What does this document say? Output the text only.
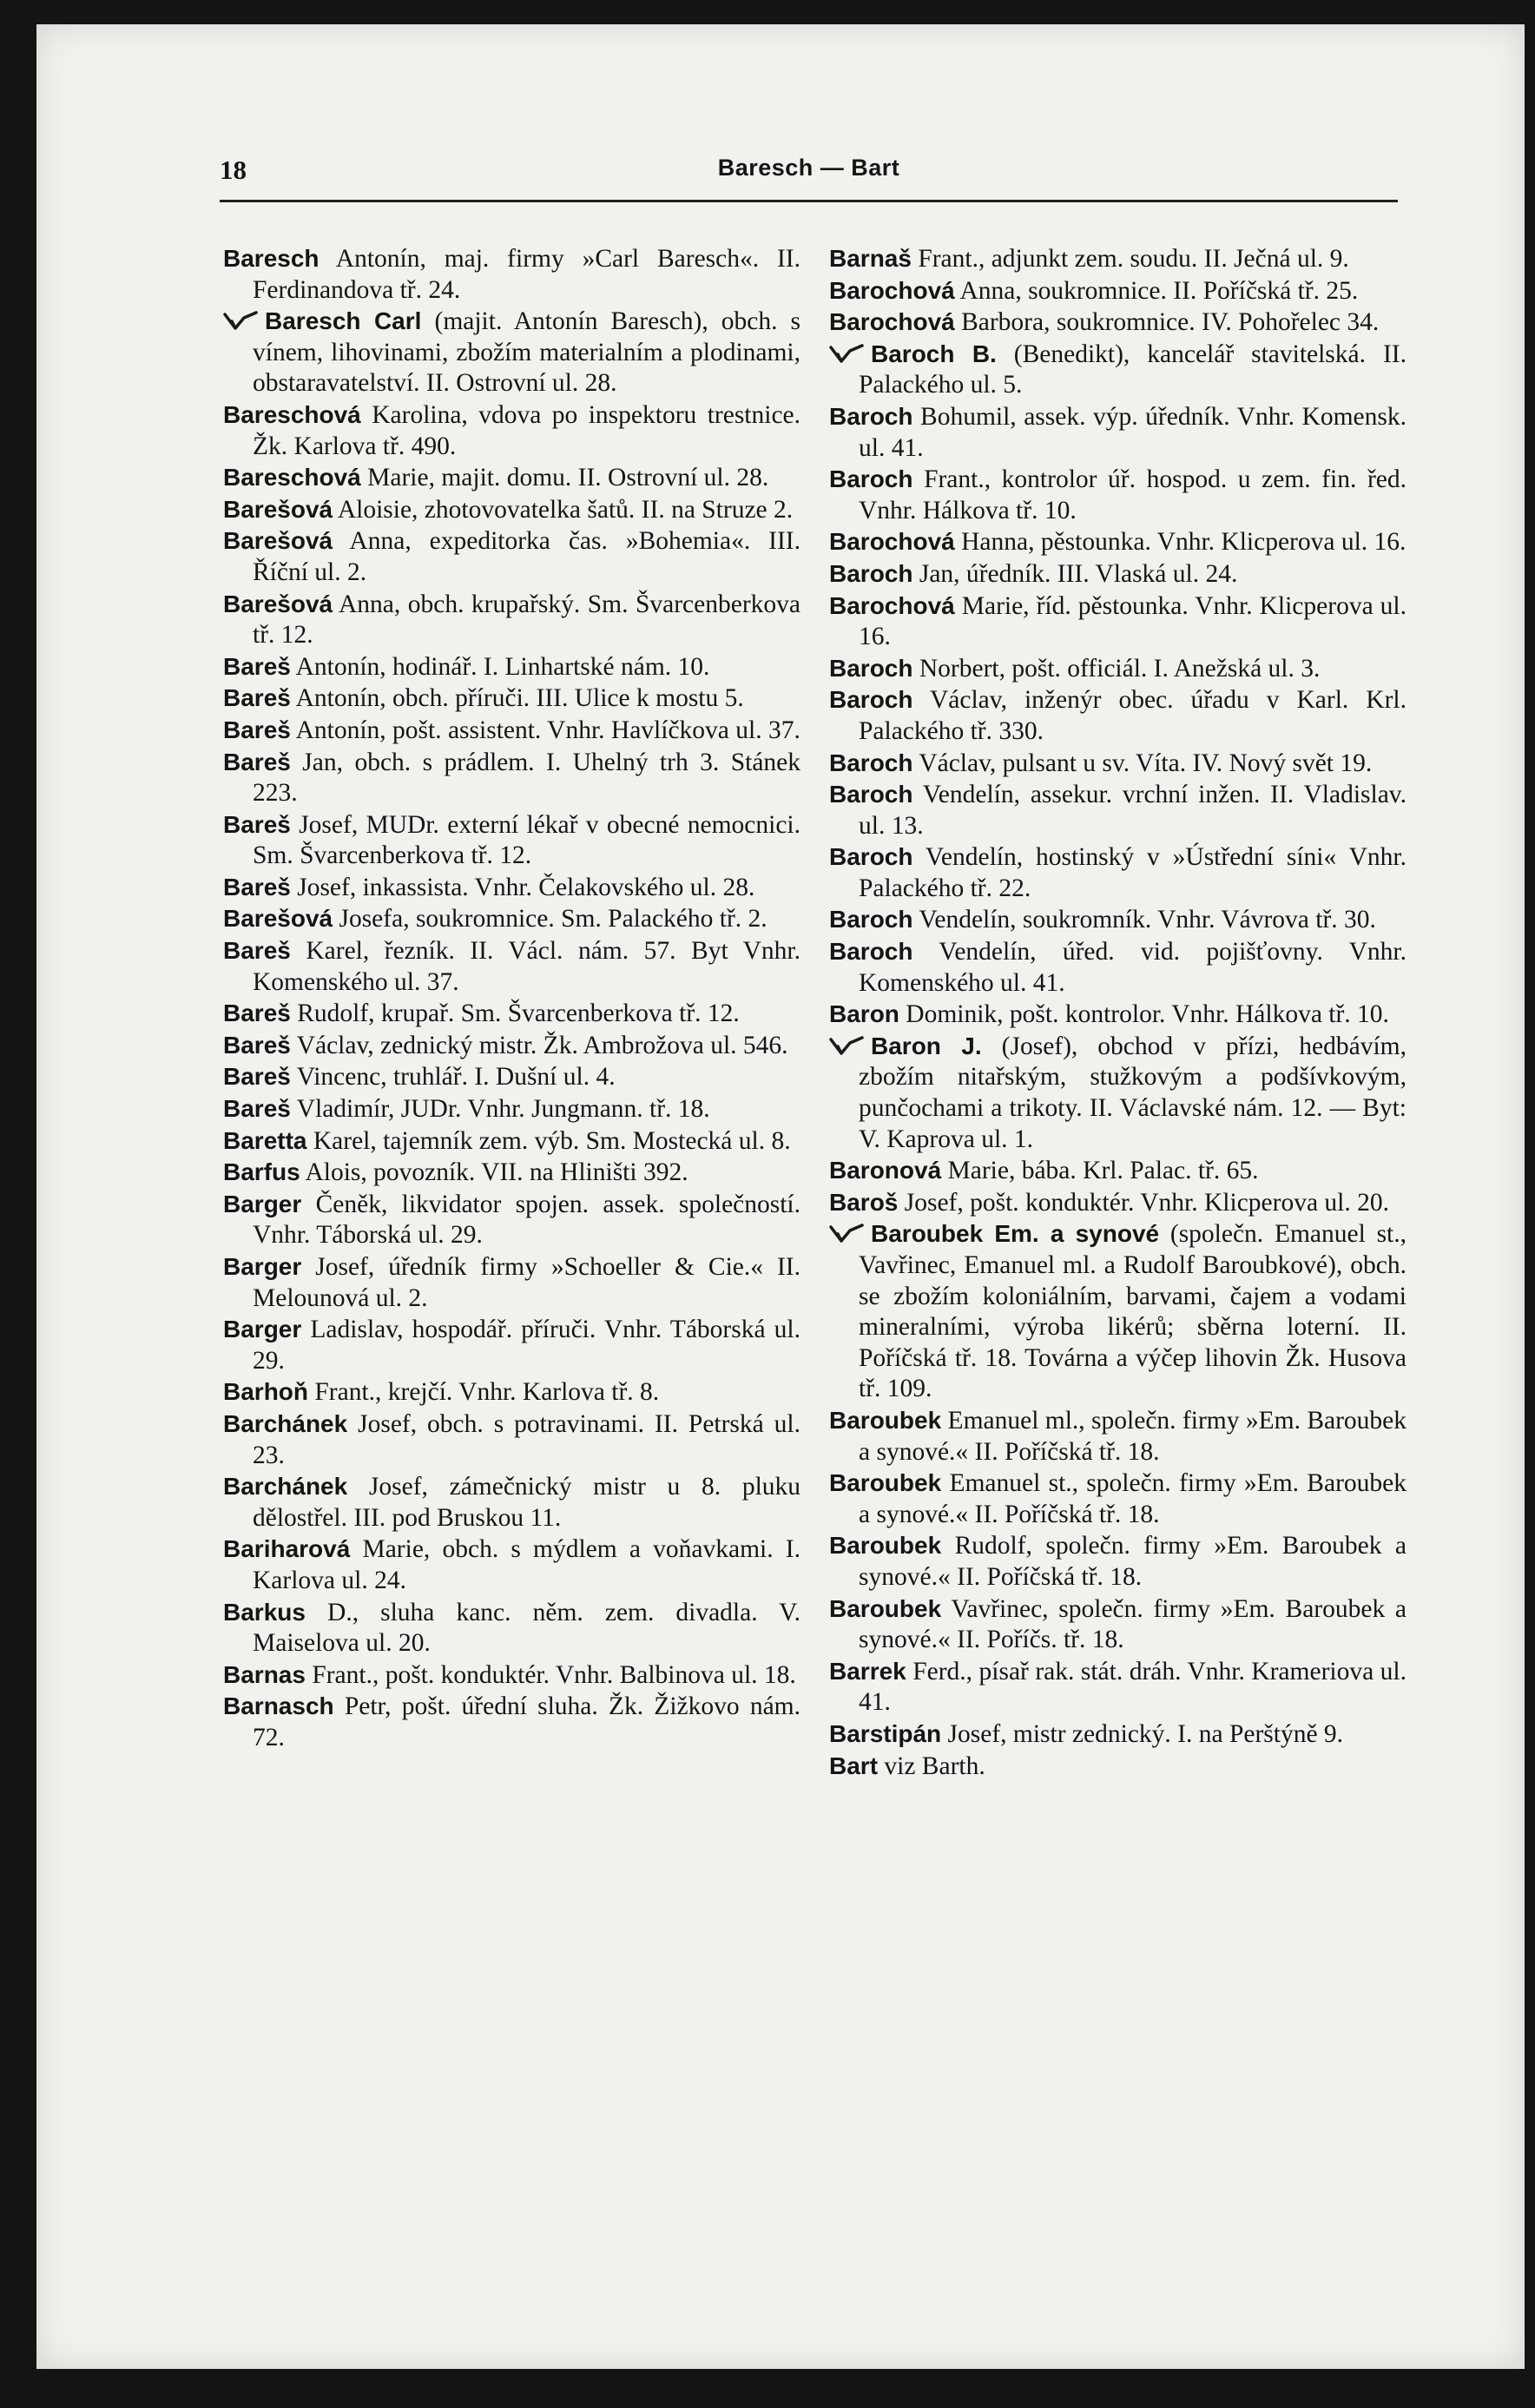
18	Baresch — Bart
Baresch Antonín, maj. firmy »Carl Baresch«. II. Ferdinandova tř. 24.
Baresch Carl (majit. Antonín Baresch), obch. s vínem, lihovinami, zbožím materialním a plodinami, obstaravatelství. II. Ostrovní ul. 28.
Bareschová Karolina, vdova po inspektoru trestnice. Žk. Karlova tř. 490.
Bareschová Marie, majit. domu. II. Ostrovní ul. 28.
Barešová Aloisie, zhotovovatelka šatů. II. na Struze 2.
Barešová Anna, expeditorka čas. »Bohemia«. III. Říční ul. 2.
Barešová Anna, obch. krupařský. Sm. Švarcenberkova tř. 12.
Bareš Antonín, hodinář. I. Linhartské nám. 10.
Bareš Antonín, obch. příruči. III. Ulice k mostu 5.
Bareš Antonín, pošt. assistent. Vnhr. Havlíčkova ul. 37.
Bareš Jan, obch. s prádlem. I. Uhelný trh 3. Stánek 223.
Bareš Josef, MUDr. externí lékař v obecné nemocnici. Sm. Švarcenberkova tř. 12.
Bareš Josef, inkassista. Vnhr. Čelakovského ul. 28.
Barešová Josefa, soukromnice. Sm. Palackého tř. 2.
Bareš Karel, řezník. II. Václ. nám. 57. Byt Vnhr. Komenského ul. 37.
Bareš Rudolf, krupař. Sm. Švarcenberkova tř. 12.
Bareš Václav, zednický mistr. Žk. Ambrožova ul. 546.
Bareš Vincenc, truhlář. I. Dušní ul. 4.
Bareš Vladimír, JUDr. Vnhr. Jungmann. tř. 18.
Baretta Karel, tajemník zem. výb. Sm. Mostecká ul. 8.
Barfus Alois, povozník. VII. na Hliništi 392.
Barger Čeněk, likvidator spojen. assek. společností. Vnhr. Táborská ul. 29.
Barger Josef, úředník firmy »Schoeller & Cie.« II. Melounová ul. 2.
Barger Ladislav, hospodář. příruči. Vnhr. Táborská ul. 29.
Barhoň Frant., krejčí. Vnhr. Karlova tř. 8.
Barchánek Josef, obch. s potravinami. II. Petrská ul. 23.
Barchánek Josef, zámečnický mistr u 8. pluku dělostřel. III. pod Bruskou 11.
Bariharová Marie, obch. s mýdlem a voňavkami. I. Karlova ul. 24.
Barkus D., sluha kanc. něm. zem. divadla. V. Maiselova ul. 20.
Barnas Frant., pošt. konduktér. Vnhr. Balbinova ul. 18.
Barnasch Petr, pošt. úřední sluha. Žk. Žižkovo nám. 72.
Barnaš Frant., adjunkt zem. soudu. II. Ječná ul. 9.
Barochová Anna, soukromnice. II. Poříčská tř. 25.
Barochová Barbora, soukromnice. IV. Pohořelec 34.
Baroch B. (Benedikt), kancelář stavitelská. II. Palackého ul. 5.
Baroch Bohumil, assek. výp. úředník. Vnhr. Komensk. ul. 41.
Baroch Frant., kontrolor úř. hospod. u zem. fin. řed. Vnhr. Hálkova tř. 10.
Barochová Hanna, pěstounka. Vnhr. Klicperova ul. 16.
Baroch Jan, úředník. III. Vlaská ul. 24.
Barochová Marie, říd. pěstounka. Vnhr. Klicperova ul. 16.
Baroch Norbert, pošt. officiál. I. Anežská ul. 3.
Baroch Václav, inženýr obec. úřadu v Karl. Krl. Palackého tř. 330.
Baroch Václav, pulsant u sv. Víta. IV. Nový svět 19.
Baroch Vendelín, assekur. vrchní inžen. II. Vladislav. ul. 13.
Baroch Vendelín, hostinský v »Ústřední síni« Vnhr. Palackého tř. 22.
Baroch Vendelín, soukromník. Vnhr. Vávrova tř. 30.
Baroch Vendelín, úřed. vid. pojišťovny. Vnhr. Komenského ul. 41.
Baron Dominik, pošt. kontrolor. Vnhr. Hálkova tř. 10.
Baron J. (Josef), obchod v přízi, hedbávím, zbožím nitařským, stužkovým a podšívkovým, punčochami a trikoty. II. Václavské nám. 12. — Byt: V. Kaprova ul. 1.
Baronová Marie, bába. Krl. Palac. tř. 65.
Baroš Josef, pošt. konduktér. Vnhr. Klicperova ul. 20.
Baroubek Em. a synové (společn. Emanuel st., Vavřinec, Emanuel ml. a Rudolf Baroubkové), obch. se zbožím koloniálním, barvami, čajem a vodami mineralními, výroba likérů; sběrna loterní. II. Poříčská tř. 18. Továrna a výčep lihovin Žk. Husova tř. 109.
Baroubek Emanuel ml., společn. firmy »Em. Baroubek a synové.« II. Poříčská tř. 18.
Baroubek Emanuel st., společn. firmy »Em. Baroubek a synové.« II. Poříčská tř. 18.
Baroubek Rudolf, společn. firmy »Em. Baroubek a synové.« II. Poříčská tř. 18.
Baroubek Vavřinec, společn. firmy »Em. Baroubek a synové.« II. Poříčs. tř. 18.
Barrek Ferd., písař rak. stát. dráh. Vnhr. Krameriova ul. 41.
Barstipán Josef, mistr zednický. I. na Perštýně 9.
Bart viz Barth.
